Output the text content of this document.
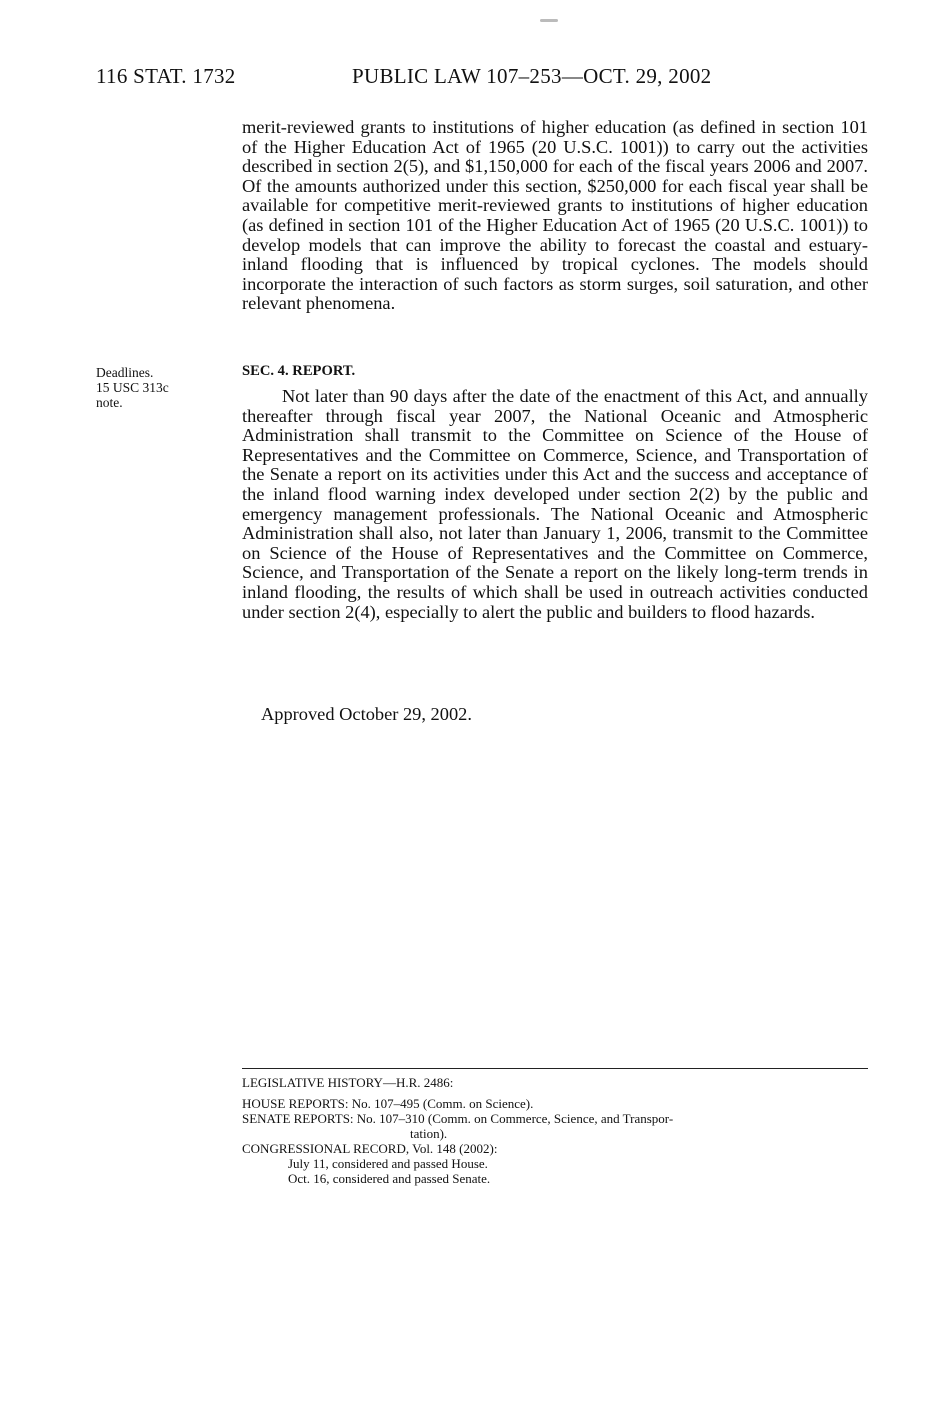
116 STAT. 1732	PUBLIC LAW 107–253—OCT. 29, 2002

merit-reviewed grants to institutions of higher education (as defined in section 101 of the Higher Education Act of 1965 (20 U.S.C. 1001)) to carry out the activities described in section 2(5), and $1,150,000 for each of the fiscal years 2006 and 2007. Of the amounts authorized under this section, $250,000 for each fiscal year shall be available for competitive merit-reviewed grants to institutions of higher education (as defined in section 101 of the Higher Education Act of 1965 (20 U.S.C. 1001)) to develop models that can improve the ability to forecast the coastal and estuary-inland flooding that is influenced by tropical cyclones. The models should incorporate the interaction of such factors as storm surges, soil saturation, and other relevant phenomena.

Deadlines.
15 USC 313c
note.
SEC. 4. REPORT.

Not later than 90 days after the date of the enactment of this Act, and annually thereafter through fiscal year 2007, the National Oceanic and Atmospheric Administration shall transmit to the Committee on Science of the House of Representatives and the Committee on Commerce, Science, and Transportation of the Senate a report on its activities under this Act and the success and acceptance of the inland flood warning index developed under section 2(2) by the public and emergency management professionals. The National Oceanic and Atmospheric Administration shall also, not later than January 1, 2006, transmit to the Committee on Science of the House of Representatives and the Committee on Commerce, Science, and Transportation of the Senate a report on the likely long-term trends in inland flooding, the results of which shall be used in outreach activities conducted under section 2(4), especially to alert the public and builders to flood hazards.

Approved October 29, 2002.
LEGISLATIVE HISTORY—H.R. 2486:
HOUSE REPORTS: No. 107–495 (Comm. on Science).
SENATE REPORTS: No. 107–310 (Comm. on Commerce, Science, and Transpor-
tation).
CONGRESSIONAL RECORD, Vol. 148 (2002):
July 11, considered and passed House.
Oct. 16, considered and passed Senate.
